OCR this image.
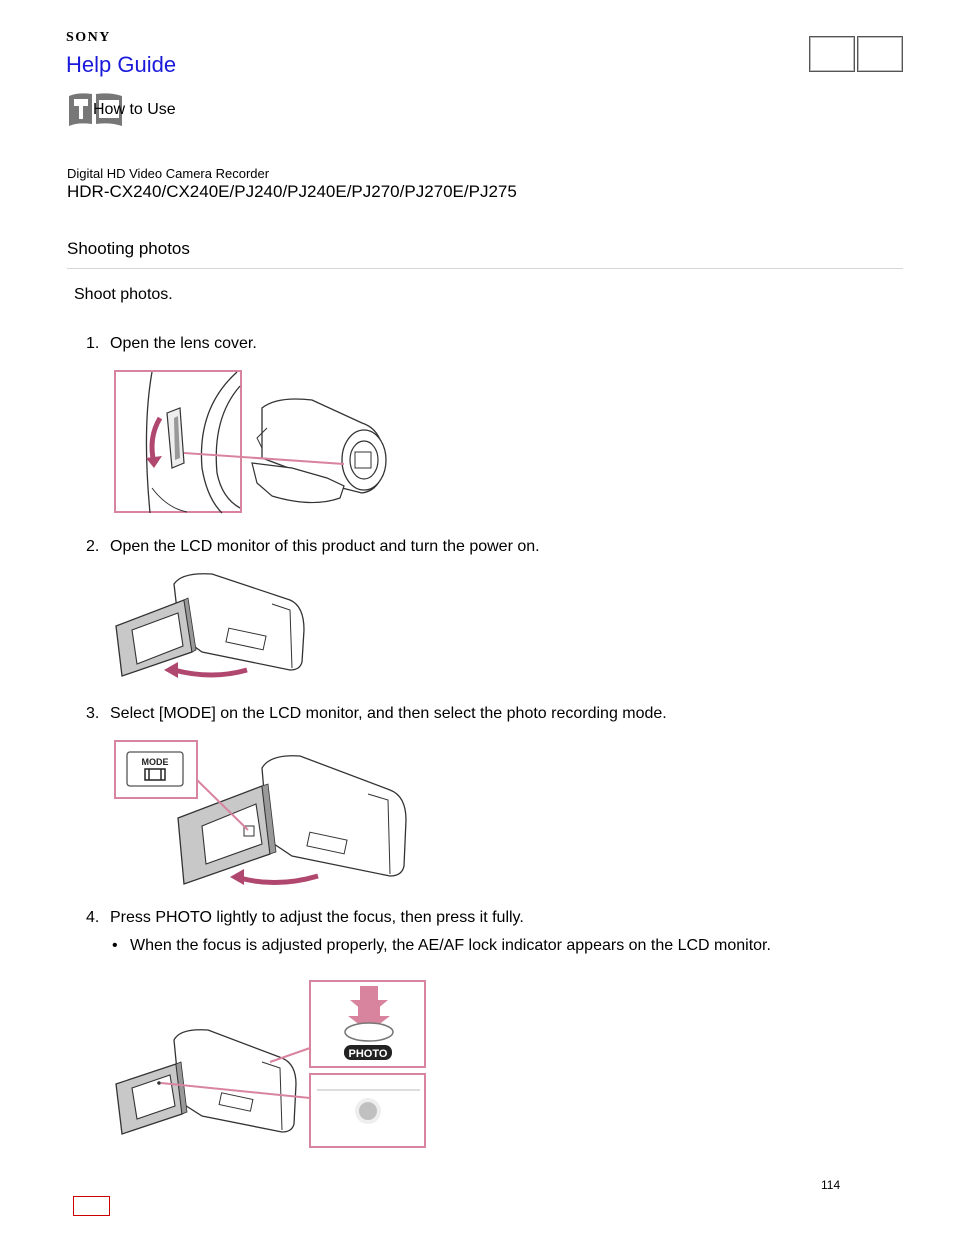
SONY
Help Guide
How to Use
Digital HD Video Camera Recorder
HDR-CX240/CX240E/PJ240/PJ240E/PJ270/PJ270E/PJ275
Shooting photos
Shoot photos.
1. Open the lens cover.
2. Open the LCD monitor of this product and turn the power on.
3. Select [MODE] on the LCD monitor, and then select the photo recording mode.
MODE
4. Press PHOTO lightly to adjust the focus, then press it fully.
• When the focus is adjusted properly, the AE/AF lock indicator appears on the LCD monitor.
PHOTO
114
